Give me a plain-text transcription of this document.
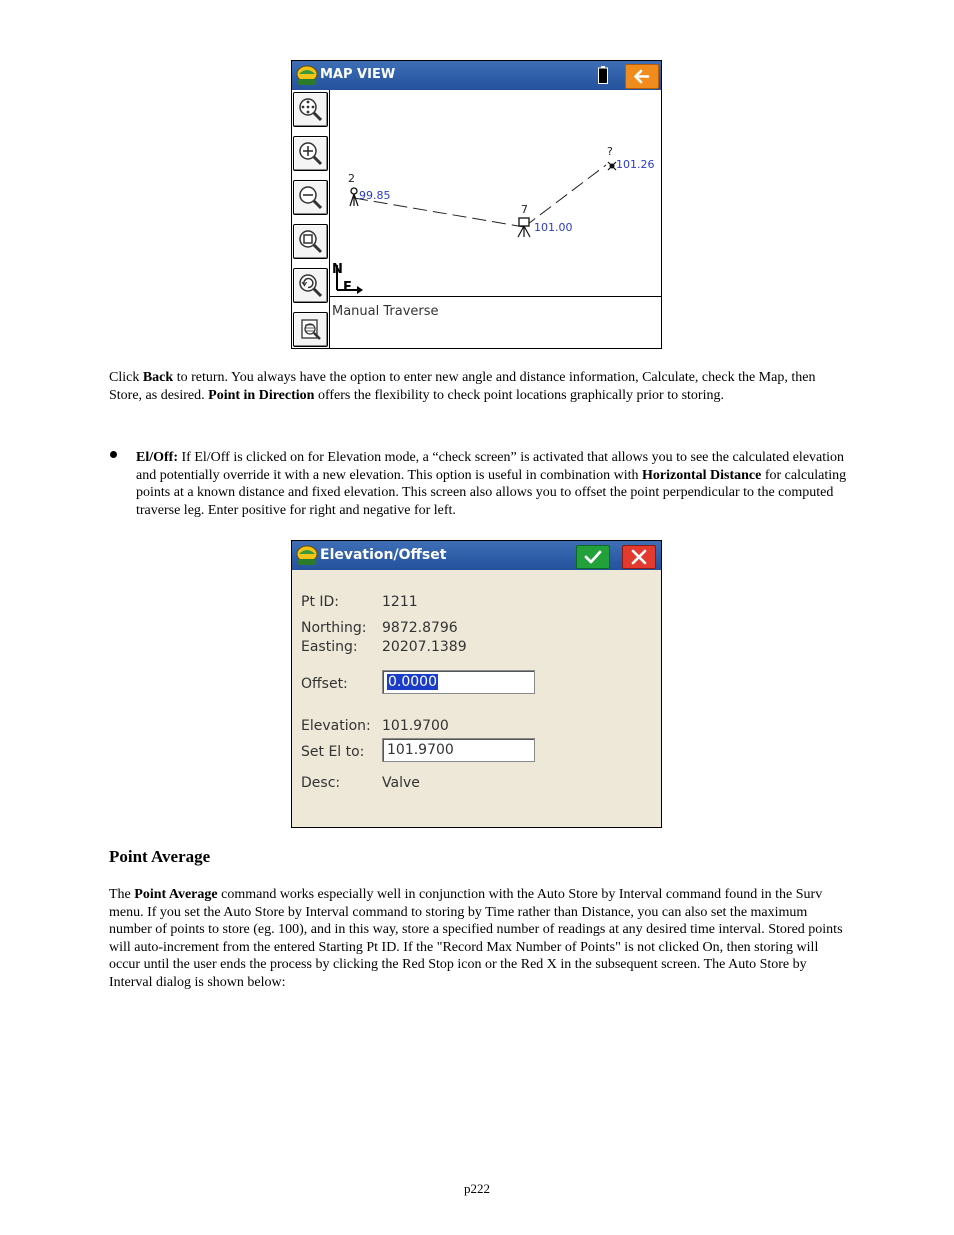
MAP VIEW
2
99.85
7
101.00
?
101.26
N
E
Manual Traverse

Click Back to return. You always have the option to enter new angle and distance information, Calculate, check the Map, then Store, as desired. Point in Direction offers the flexibility to check point locations graphically prior to storing.

El/Off: If El/Off is clicked on for Elevation mode, a “check screen” is activated that allows you to see the calculated elevation and potentially override it with a new elevation. This option is useful in combination with Horizontal Distance for calculating points at a known distance and fixed elevation. This screen also allows you to offset the point perpendicular to the computed traverse leg. Enter positive for right and negative for left.

Elevation/Offset
Pt ID:	1211
Northing: 9872.8796
Easting: 20207.1389
Offset:	0.0000
Elevation: 101.9700
Set El to:	101.9700
Desc:	Valve
Point Average

The Point Average command works especially well in conjunction with the Auto Store by Interval command found in the Surv menu. If you set the Auto Store by Interval command to storing by Time rather than Distance, you can also set the maximum number of points to store (eg. 100), and in this way, store a specified number of readings at any desired time interval. Stored points will auto-increment from the entered Starting Pt ID. If the "Record Max Number of Points" is not clicked On, then storing will occur until the user ends the process by clicking the Red Stop icon or the Red X in the subsequent screen. The Auto Store by Interval dialog is shown below:

p222
